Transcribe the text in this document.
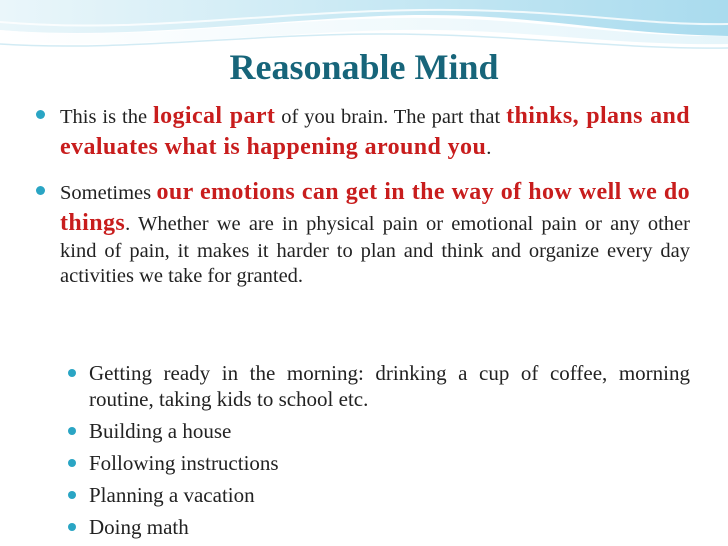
Reasonable Mind
This is the logical part of you brain. The part that thinks, plans and evaluates what is happening around you.
Sometimes our emotions can get in the way of how well we do things. Whether we are in physical pain or emotional pain or any other kind of pain, it makes it harder to plan and think and organize every day activities we take for granted.
Getting ready in the morning: drinking a cup of coffee, morning routine, taking kids to school etc.
Building a house
Following instructions
Planning a vacation
Doing math
